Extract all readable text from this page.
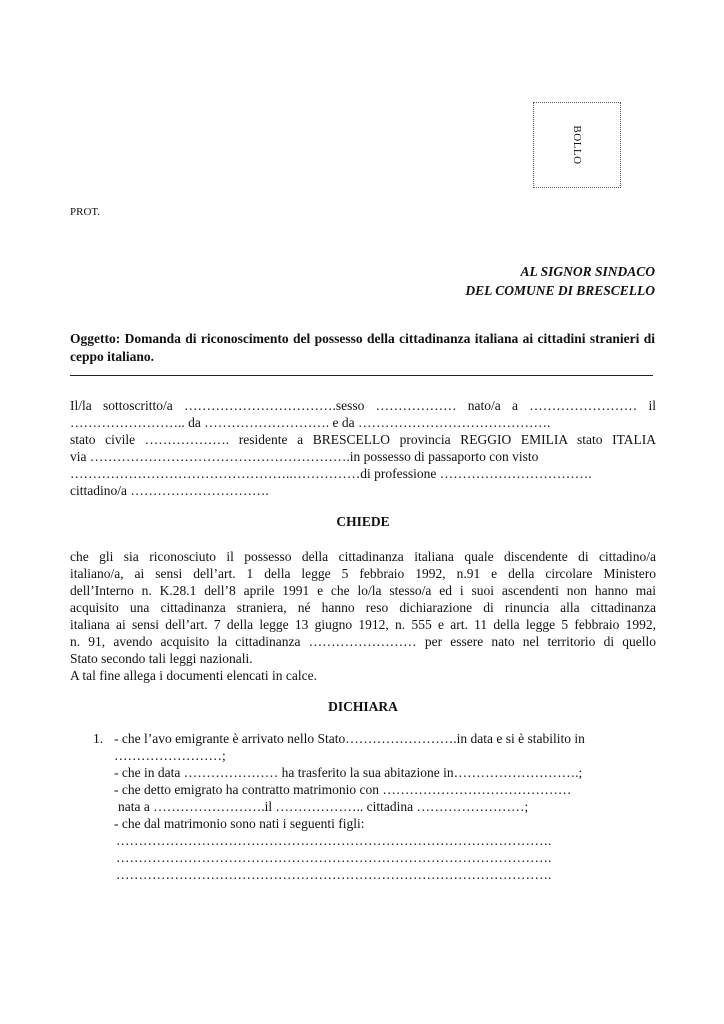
BOLLO
PROT.
AL SIGNOR SINDACO
DEL COMUNE DI BRESCELLO
Oggetto: Domanda di riconoscimento del possesso della cittadinanza italiana ai cittadini stranieri di ceppo italiano.
Il/la sottoscritto/a …………………………….sesso ……………… nato/a a …………………… il
…………………….. da ………………………. e da …………………………………….
stato civile ………………. residente a BRESCELLO provincia REGGIO EMILIA stato ITALIA
via ………………………………………………….in possesso di passaporto con visto
…………………………………………..……………di professione …………………………….
cittadino/a ………………………….
CHIEDE
che gli sia riconosciuto il possesso della cittadinanza italiana quale discendente di cittadino/a
italiano/a, ai sensi dell’art. 1 della legge 5 febbraio 1992, n.91 e della circolare Ministero
dell’Interno n. K.28.1 dell’8 aprile 1991 e che lo/la stesso/a ed i suoi ascendenti non hanno mai
acquisito una cittadinanza straniera, né hanno reso dichiarazione di rinuncia alla cittadinanza
italiana ai sensi dell’art. 7 della legge 13 giugno 1912, n. 555 e art. 11 della legge 5 febbraio 1992,
n. 91, avendo acquisito la cittadinanza …………………… per essere nato nel territorio di quello
Stato secondo tali leggi nazionali.
A tal fine allega i documenti elencati in calce.
DICHIARA
1. - che l’avo emigrante è arrivato nello Stato…………………….in data e si è stabilito in
……………………;
- che in data ………………… ha trasferito la sua abitazione in……………………….;
- che detto emigrato ha contratto matrimonio con ……………………………………
nata a …………………….il ……………….. cittadina ……………………;
- che dal matrimonio sono nati i seguenti figli:
…………………………………………………………………………………….
…………………………………………………………………………………….
…………………………………………………………………………………….
